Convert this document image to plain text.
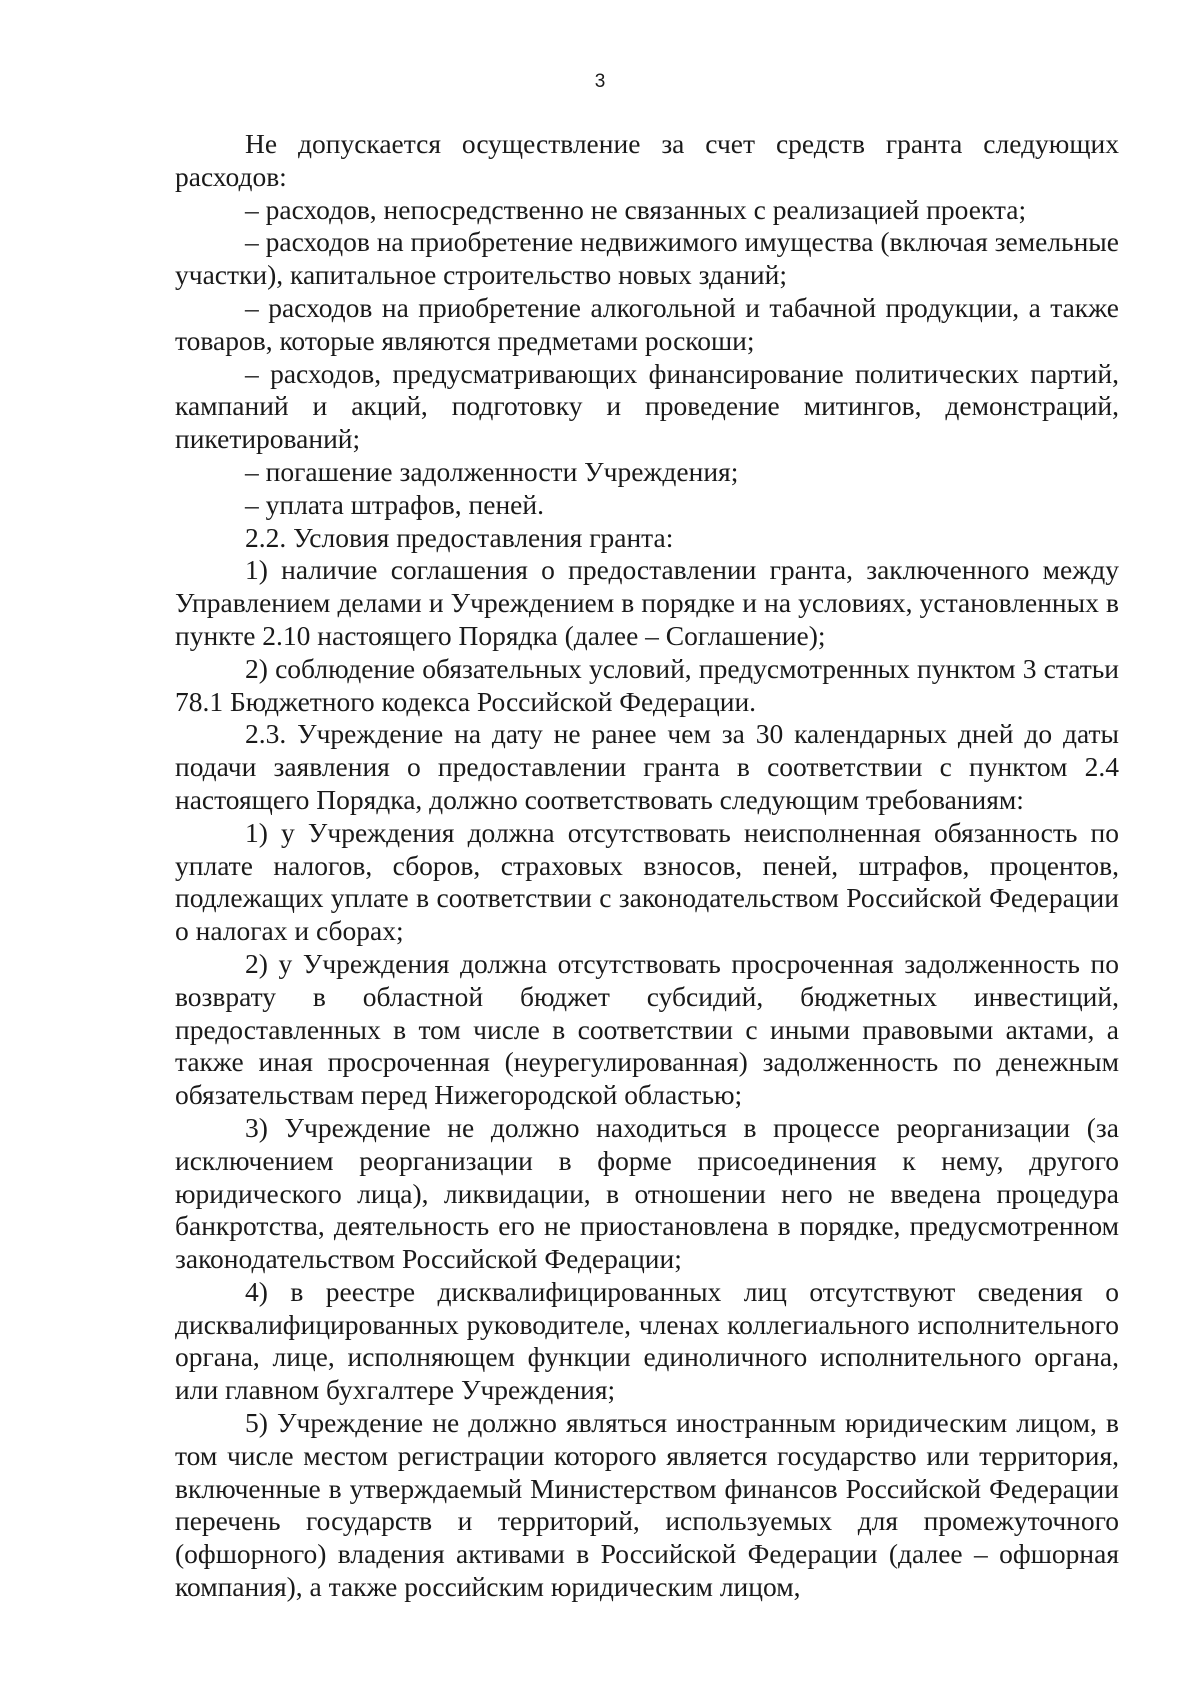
3

Не допускается осуществление за счет средств гранта следующих расходов:

– расходов, непосредственно не связанных с реализацией проекта;

– расходов на приобретение недвижимого имущества (включая земельные участки), капитальное строительство новых зданий;

– расходов на приобретение алкогольной и табачной продукции, а также товаров, которые являются предметами роскоши;

– расходов, предусматривающих финансирование политических партий, кампаний и акций, подготовку и проведение митингов, демонстраций, пикетирований;

– погашение задолженности Учреждения;

– уплата штрафов, пеней.

2.2. Условия предоставления гранта:

1) наличие соглашения о предоставлении гранта, заключенного между Управлением делами и Учреждением в порядке и на условиях, установленных в пункте 2.10 настоящего Порядка (далее – Соглашение);

2) соблюдение обязательных условий, предусмотренных пунктом 3 статьи 78.1 Бюджетного кодекса Российской Федерации.

2.3. Учреждение на дату не ранее чем за 30 календарных дней до даты подачи заявления о предоставлении гранта в соответствии с пунктом 2.4 настоящего Порядка, должно соответствовать следующим требованиям:

1) у Учреждения должна отсутствовать неисполненная обязанность по уплате налогов, сборов, страховых взносов, пеней, штрафов, процентов, подлежащих уплате в соответствии с законодательством Российской Федерации о налогах и сборах;

2) у Учреждения должна отсутствовать просроченная задолженность по возврату в областной бюджет субсидий, бюджетных инвестиций, предоставленных в том числе в соответствии с иными правовыми актами, а также иная просроченная (неурегулированная) задолженность по денежным обязательствам перед Нижегородской областью;

3) Учреждение не должно находиться в процессе реорганизации (за исключением реорганизации в форме присоединения к нему, другого юридического лица), ликвидации, в отношении него не введена процедура банкротства, деятельность его не приостановлена в порядке, предусмотренном законодательством Российской Федерации;

4) в реестре дисквалифицированных лиц отсутствуют сведения о дисквалифицированных руководителе, членах коллегиального исполнительного органа, лице, исполняющем функции единоличного исполнительного органа, или главном бухгалтере Учреждения;

5) Учреждение не должно являться иностранным юридическим лицом, в том числе местом регистрации которого является государство или территория, включенные в утверждаемый Министерством финансов Российской Федерации перечень государств и территорий, используемых для промежуточного (офшорного) владения активами в Российской Федерации (далее – офшорная компания), а также российским юридическим лицом,
